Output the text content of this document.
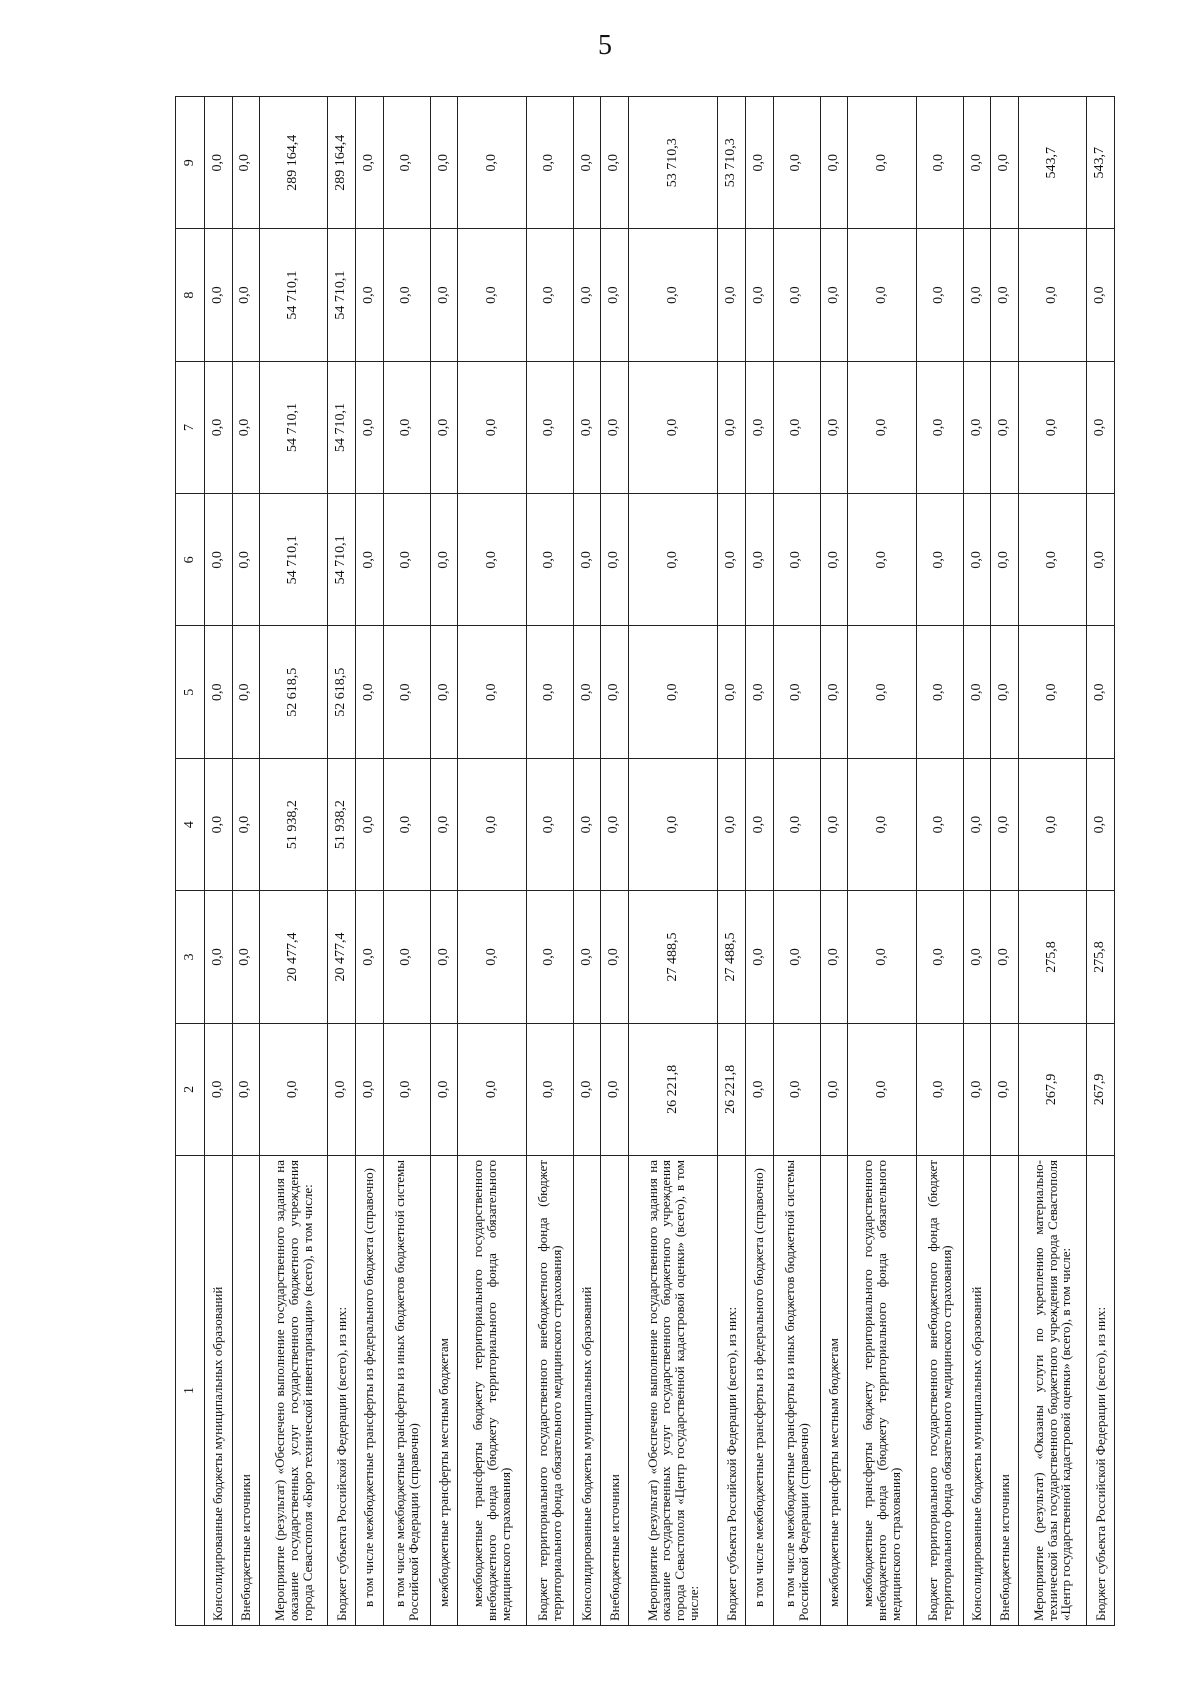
5
1	2	3	4	5	6	7	8	9
Консолидированные бюджеты муниципальных образований	0,0	0,0	0,0	0,0	0,0	0,0	0,0	0,0
Внебюджетные источники	0,0	0,0	0,0	0,0	0,0	0,0	0,0	0,0
Мероприятие (результат) «Обеспечено выполнение государственного задания на оказание государственных услуг государственного бюджетного учреждения города Севастополя «Бюро технической инвентаризации» (всего), в том числе:	0,0	20 477,4	51 938,2	52 618,5	54 710,1	54 710,1	54 710,1	289 164,4
Бюджет субъекта Российской Федерации (всего), из них:	0,0	20 477,4	51 938,2	52 618,5	54 710,1	54 710,1	54 710,1	289 164,4
в том числе межбюджетные трансферты из федерального бюджета (справочно)	0,0	0,0	0,0	0,0	0,0	0,0	0,0	0,0
в том числе межбюджетные трансферты из иных бюджетов бюджетной системы Российской Федерации (справочно)	0,0	0,0	0,0	0,0	0,0	0,0	0,0	0,0
межбюджетные трансферты местным бюджетам	0,0	0,0	0,0	0,0	0,0	0,0	0,0	0,0
межбюджетные трансферты бюджету территориального государственного внебюджетного фонда (бюджету территориального фонда обязательного медицинского страхования)	0,0	0,0	0,0	0,0	0,0	0,0	0,0	0,0
Бюджет территориального государственного внебюджетного фонда (бюджет территориального фонда обязательного медицинского страхования)	0,0	0,0	0,0	0,0	0,0	0,0	0,0	0,0
Консолидированные бюджеты муниципальных образований	0,0	0,0	0,0	0,0	0,0	0,0	0,0	0,0
Внебюджетные источники	0,0	0,0	0,0	0,0	0,0	0,0	0,0	0,0
Мероприятие (результат) «Обеспечено выполнение государственного задания на оказание государственных услуг государственного бюджетного учреждения города Севастополя «Центр государственной кадастровой оценки» (всего), в том числе:	26 221,8	27 488,5	0,0	0,0	0,0	0,0	0,0	53 710,3
Бюджет субъекта Российской Федерации (всего), из них:	26 221,8	27 488,5	0,0	0,0	0,0	0,0	0,0	53 710,3
в том числе межбюджетные трансферты из федерального бюджета (справочно)	0,0	0,0	0,0	0,0	0,0	0,0	0,0	0,0
в том числе межбюджетные трансферты из иных бюджетов бюджетной системы Российской Федерации (справочно)	0,0	0,0	0,0	0,0	0,0	0,0	0,0	0,0
межбюджетные трансферты местным бюджетам	0,0	0,0	0,0	0,0	0,0	0,0	0,0	0,0
межбюджетные трансферты бюджету территориального государственного внебюджетного фонда (бюджету территориального фонда обязательного медицинского страхования)	0,0	0,0	0,0	0,0	0,0	0,0	0,0	0,0
Бюджет территориального государственного внебюджетного фонда (бюджет территориального фонда обязательного медицинского страхования)	0,0	0,0	0,0	0,0	0,0	0,0	0,0	0,0
Консолидированные бюджеты муниципальных образований	0,0	0,0	0,0	0,0	0,0	0,0	0,0	0,0
Внебюджетные источники	0,0	0,0	0,0	0,0	0,0	0,0	0,0	0,0
Мероприятие (результат) «Оказаны услуги по укреплению материально-технической базы государственного бюджетного учреждения города Севастополя «Центр государственной кадастровой оценки» (всего), в том числе:	267,9	275,8	0,0	0,0	0,0	0,0	0,0	543,7
Бюджет субъекта Российской Федерации (всего), из них:	267,9	275,8	0,0	0,0	0,0	0,0	0,0	543,7
